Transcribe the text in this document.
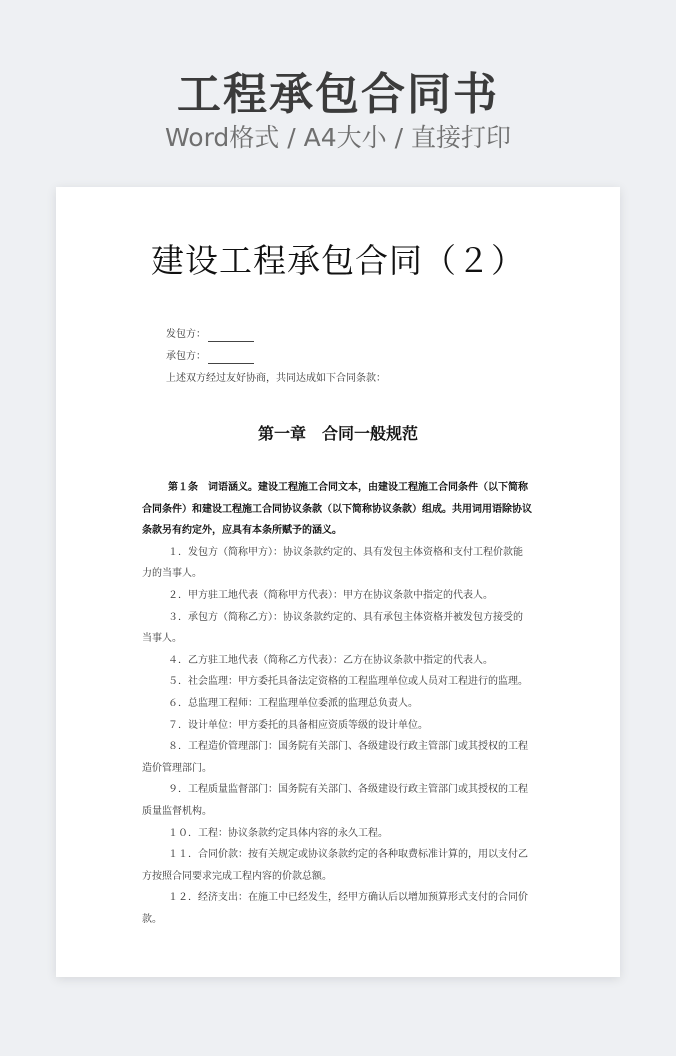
工程承包合同书
Word格式 / A4大小 / 直接打印
建设工程承包合同（２）
发包方：
承包方：
上述双方经过友好协商，共同达成如下合同条款：
第一章　合同一般规范

第１条　词语涵义。建设工程施工合同文本，由建设工程施工合同条件（以下简称合同条件）和建设工程施工合同协议条款（以下简称协议条款）组成。共用词用语除协议条款另有约定外，应具有本条所赋予的涵义。

１．发包方（简称甲方）：协议条款约定的、具有发包主体资格和支付工程价款能力的当事人。

２．甲方驻工地代表（简称甲方代表）：甲方在协议条款中指定的代表人。

３．承包方（简称乙方）：协议条款约定的、具有承包主体资格并被发包方接受的当事人。

４．乙方驻工地代表（简称乙方代表）：乙方在协议条款中指定的代表人。

５．社会监理：甲方委托具备法定资格的工程监理单位或人员对工程进行的监理。

６．总监理工程师：工程监理单位委派的监理总负责人。

７．设计单位：甲方委托的具备相应资质等级的设计单位。

８．工程造价管理部门：国务院有关部门、各级建设行政主管部门或其授权的工程造价管理部门。

９．工程质量监督部门：国务院有关部门、各级建设行政主管部门或其授权的工程质量监督机构。

１０．工程：协议条款约定具体内容的永久工程。

１１．合同价款：按有关规定或协议条款约定的各种取费标准计算的，用以支付乙方按照合同要求完成工程内容的价款总额。

１２．经济支出：在施工中已经发生，经甲方确认后以增加预算形式支付的合同价款。
